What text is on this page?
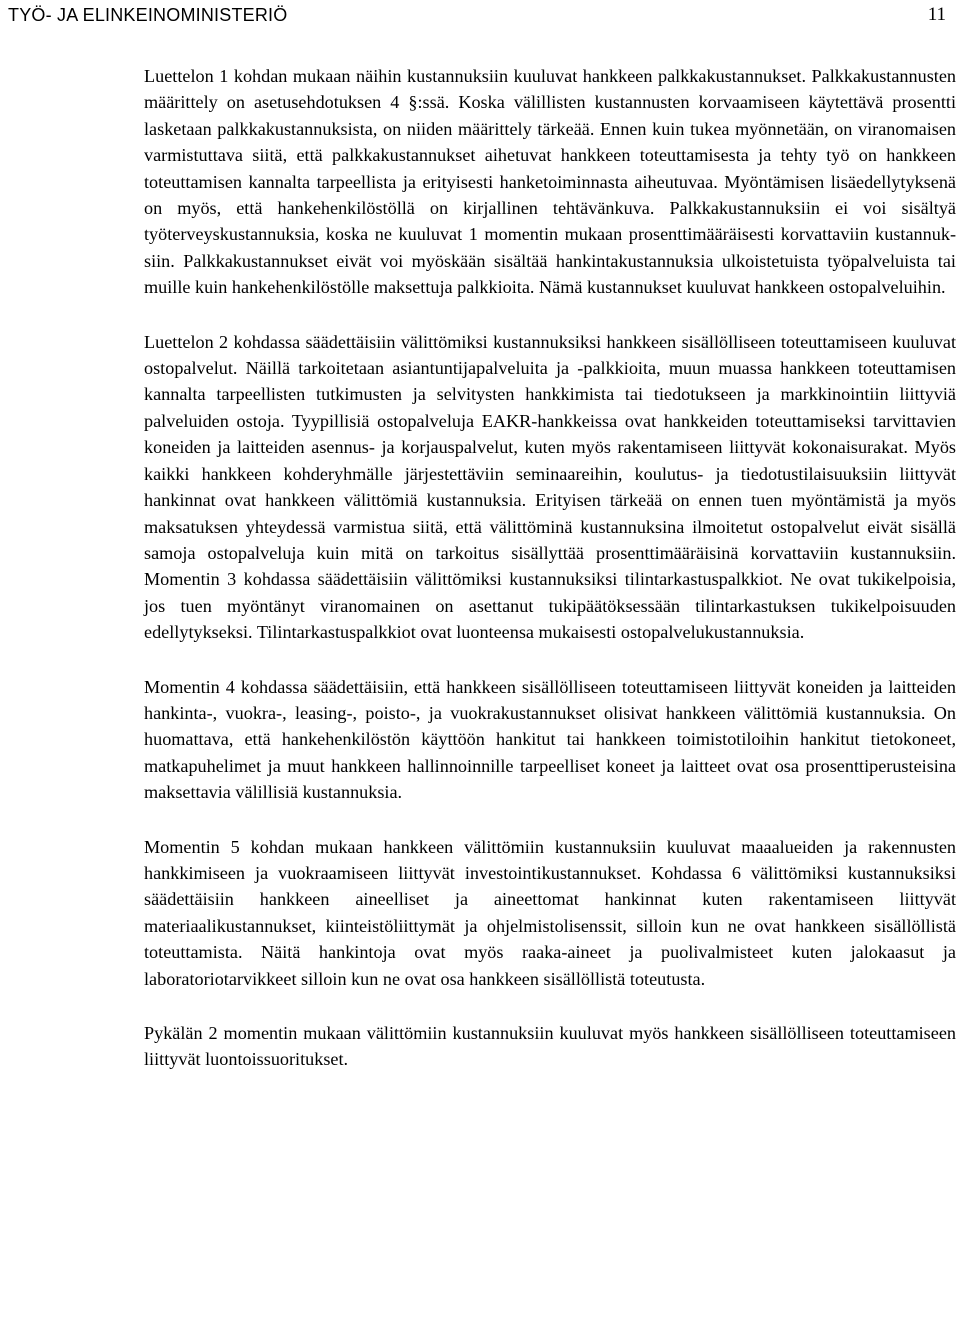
TYÖ- JA ELINKEINOMINISTERIÖ	11

Luettelon 1 kohdan mukaan näihin kustannuksiin kuuluvat hankkeen palkkakustannukset. Palkkakustannusten määrittely on asetusehdotuksen 4 §:ssä. Koska välillisten kustannusten korvaamiseen käytettävä prosentti lasketaan palkkakustannuksista, on niiden määrittely tärkeää. Ennen kuin tukea myönnetään, on viranomaisen varmistuttava siitä, että palkkakustannukset aihetuvat hankkeen toteuttamisesta ja tehty työ on hankkeen toteuttamisen kannalta tarpeellista ja erityisesti hanketoiminnasta aiheutuvaa. Myöntämisen lisäedellytyksenä on myös, että hankehenkilöstöllä on kirjallinen tehtävänkuva. Palkkakustannuksiin ei voi sisältyä työterveyskustannuksia, koska ne kuuluvat 1 momentin mukaan prosenttimääräisesti korvattaviin kustannuksiin. Palkkakustannukset eivät voi myöskään sisältää hankintakustannuksia ulkoistetuista työpalveluista tai muille kuin hankehenkilöstölle maksettuja palkkioita. Nämä kustannukset kuuluvat hankkeen ostopalveluihin.

Luettelon 2 kohdassa säädettäisiin välittömiksi kustannuksiksi hankkeen sisällölliseen toteuttamiseen kuuluvat ostopalvelut. Näillä tarkoitetaan asiantuntijapalveluita ja -palkkioita, muun muassa hankkeen toteuttamisen kannalta tarpeellisten tutkimusten ja selvitysten hankkimista tai tiedotukseen ja markkinointiin liittyviä palveluiden ostoja. Tyypillisiä ostopalveluja EAKR-hankkeissa ovat hankkeiden toteuttamiseksi tarvittavien koneiden ja laitteiden asennus- ja korjauspalvelut, kuten myös rakentamiseen liittyvät kokonaisurakat. Myös kaikki hankkeen kohderyhmälle järjestettäviin seminaareihin, koulutus- ja tiedotustilaisuuksiin liittyvät hankinnat ovat hankkeen välittömiä kustannuksia. Erityisen tärkeää on ennen tuen myöntämistä ja myös maksatuksen yhteydessä varmistua siitä, että välittöminä kustannuksina ilmoitetut ostopalvelut eivät sisällä samoja ostopalveluja kuin mitä on tarkoitus sisällyttää prosenttimääräisinä korvattaviin kustannuksiin. Momentin 3 kohdassa säädettäisiin välittömiksi kustannuksiksi tilintarkastuspalkkiot. Ne ovat tukikelpoisia, jos tuen myöntänyt viranomainen on asettanut tukipäätöksessään tilintarkastuksen tukikelpoisuuden edellytykseksi. Tilintarkastuspalkkiot ovat luonteensa mukaisesti ostopalvelukustannuksia.

Momentin 4 kohdassa säädettäisiin, että hankkeen sisällölliseen toteuttamiseen liittyvät koneiden ja laitteiden hankinta-, vuokra-, leasing-, poisto-, ja vuokrakustannukset olisivat hankkeen välittömiä kustannuksia. On huomattava, että hankehenkilöstön käyttöön hankitut tai hankkeen toimistotiloihin hankitut tietokoneet, matkapuhelimet ja muut hankkeen hallinnoinnille tarpeelliset koneet ja laitteet ovat osa prosenttiperusteisina maksettavia välillisiä kustannuksia.

Momentin 5 kohdan mukaan hankkeen välittömiin kustannuksiin kuuluvat maaalueiden ja rakennusten hankkimiseen ja vuokraamiseen liittyvät investointikustannukset. Kohdassa 6 välittömiksi kustannuksiksi säädettäisiin hankkeen aineelliset ja aineettomat hankinnat kuten rakentamiseen liittyvät materiaalikustannukset, kiinteistöliittymät ja ohjelmistolisenssit, silloin kun ne ovat hankkeen sisällöllistä toteuttamista. Näitä hankintoja ovat myös raaka-aineet ja puolivalmisteet kuten jalokaasut ja laboratoriotarvikkeet silloin kun ne ovat osa hankkeen sisällöllistä toteutusta.

Pykälän 2 momentin mukaan välittömiin kustannuksiin kuuluvat myös hankkeen sisällölliseen toteuttamiseen liittyvät luontoissuoritukset.
